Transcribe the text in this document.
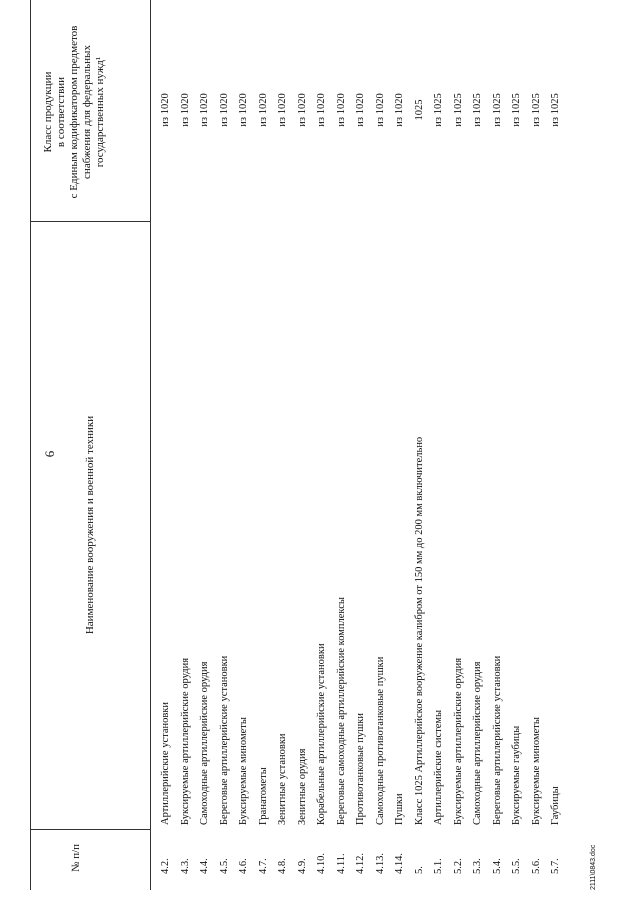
6
№ п/п
Наименование вооружения и военной техники
Класс продукции в соответствии с Единым кодификатором предметов снабжения для федеральных государственных нужд¹
4.2.
Артиллерийские установки
из 1020
4.3.
Буксируемые артиллерийские орудия
из 1020
4.4.
Самоходные артиллерийские орудия
из 1020
4.5.
Береговые артиллерийские установки
из 1020
4.6.
Буксируемые минометы
из 1020
4.7.
Гранатометы
из 1020
4.8.
Зенитные установки
из 1020
4.9.
Зенитные орудия
из 1020
4.10.
Корабельные артиллерийские установки
из 1020
4.11.
Береговые самоходные артиллерийские комплексы
из 1020
4.12.
Противотанковые пушки
из 1020
4.13.
Самоходные противотанковые пушки
из 1020
4.14.
Пушки
из 1020
5.
Класс 1025 Артиллерийское вооружение калибром от 150 мм до 200 мм включительно
1025
5.1.
Артиллерийские системы
из 1025
5.2.
Буксируемые артиллерийские орудия
из 1025
5.3.
Самоходные артиллерийские орудия
из 1025
5.4.
Береговые артиллерийские установки
из 1025
5.5.
Буксируемые гаубицы
из 1025
5.6.
Буксируемые минометы
из 1025
5.7.
Гаубицы
из 1025
2111\0843.doc
